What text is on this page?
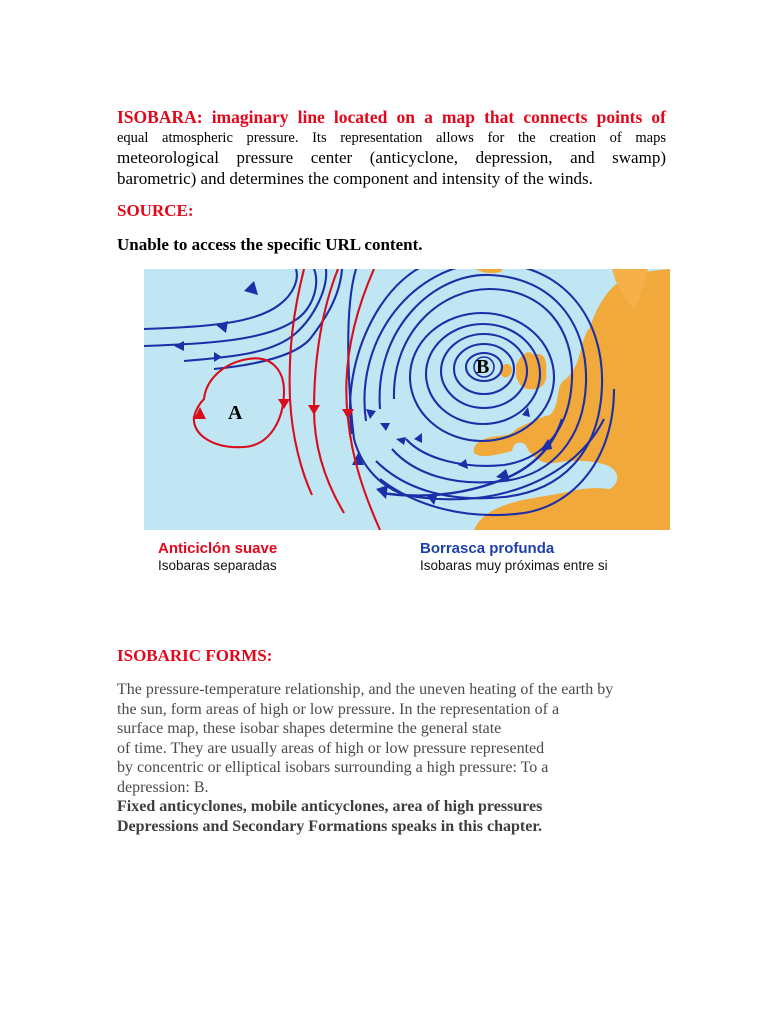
ISOBARA: imaginary line located on a map that connects points of
equal atmospheric pressure. Its representation allows for the creation of maps
meteorological pressure center (anticyclone, depression, and swamp)
barometric) and determines the component and intensity of the winds.
SOURCE:
Unable to access the specific URL content.
B
A
Anticiclón suave
Isobaras separadas
Borrasca profunda
Isobaras muy próximas entre si
ISOBARIC FORMS:
The pressure-temperature relationship, and the uneven heating of the earth by
the sun, form areas of high or low pressure. In the representation of a
surface map, these isobar shapes determine the general state
of time. They are usually areas of high or low pressure represented
by concentric or elliptical isobars surrounding a high pressure: To a
depression: B.
Fixed anticyclones, mobile anticyclones, area of high pressures
Depressions and Secondary Formations speaks in this chapter.
